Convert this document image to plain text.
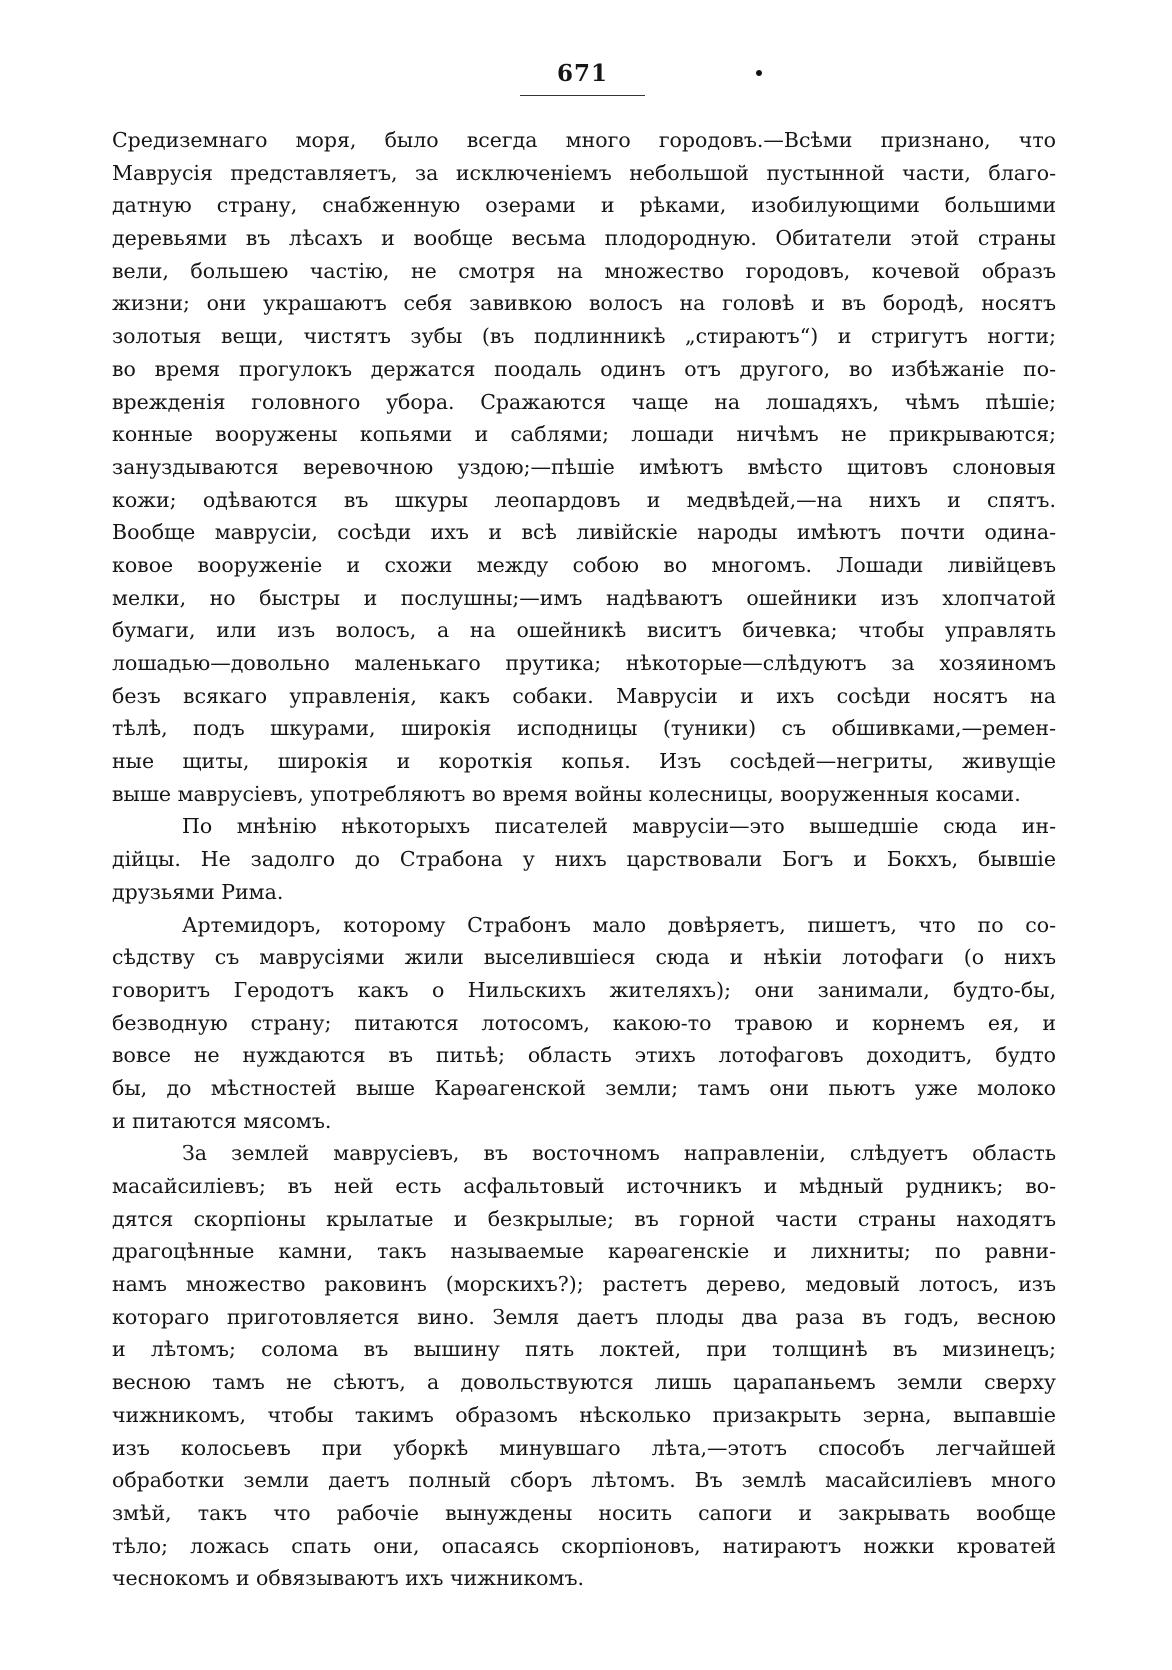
671
Средиземнаго моря, было всегда много городовъ.—Всѣми признано, что
Маврусія представляетъ, за исключеніемъ небольшой пустынной части, благо-
датную страну, снабженную озерами и рѣками, изобилующими большими
деревьями въ лѣсахъ и вообще весьма плодородную. Обитатели этой страны
вели, большею частію, не смотря на множество городовъ, кочевой образъ
жизни; они украшаютъ себя завивкою волосъ на головѣ и въ бородѣ, носятъ
золотыя вещи, чистятъ зубы (въ подлинникѣ „стираютъ“) и стригутъ ногти;
во время прогулокъ держатся поодаль одинъ отъ другого, во избѣжаніе по-
врежденія головного убора. Сражаются чаще на лошадяхъ, чѣмъ пѣшіе;
конные вооружены копьями и саблями; лошади ничѣмъ не прикрываются;
зануздываются веревочною уздою;—пѣшіе имѣютъ вмѣсто щитовъ слоновыя
кожи; одѣваются въ шкуры леопардовъ и медвѣдей,—на нихъ и спятъ.
Вообще маврусіи, сосѣди ихъ и всѣ ливійскіе народы имѣютъ почти одина-
ковое вооруженіе и схожи между собою во многомъ. Лошади ливійцевъ
мелки, но быстры и послушны;—имъ надѣваютъ ошейники изъ хлопчатой
бумаги, или изъ волосъ, а на ошейникѣ виситъ бичевка; чтобы управлять
лошадью—довольно маленькаго прутика; нѣкоторые—слѣдуютъ за хозяиномъ
безъ всякаго управленія, какъ собаки. Маврусіи и ихъ сосѣди носятъ на
тѣлѣ, подъ шкурами, широкія исподницы (туники) съ обшивками,—ремен-
ные щиты, широкія и короткія копья. Изъ сосѣдей—негриты, живущіе
выше маврусіевъ, употребляютъ во время войны колесницы, вооруженныя косами.
По мнѣнію нѣкоторыхъ писателей маврусіи—это вышедшіе сюда ин-
дійцы. Не задолго до Страбона у нихъ царствовали Богъ и Бокхъ, бывшіе
друзьями Рима.
Артемидоръ, которому Страбонъ мало довѣряетъ, пишетъ, что по со-
сѣдству съ маврусіями жили выселившіеся сюда и нѣкіи лотофаги (о нихъ
говоритъ Геродотъ какъ о Нильскихъ жителяхъ); они занимали, будто-бы,
безводную страну; питаются лотосомъ, какою-то травою и корнемъ ея, и
вовсе не нуждаются въ питьѣ; область этихъ лотофаговъ доходитъ, будто
бы, до мѣстностей выше Карѳагенской земли; тамъ они пьютъ уже молоко
и питаются мясомъ.
За землей маврусіевъ, въ восточномъ направленіи, слѣдуетъ область
масайсиліевъ; въ ней есть асфальтовый источникъ и мѣдный рудникъ; во-
дятся скорпіоны крылатые и безкрылые; въ горной части страны находятъ
драгоцѣнные камни, такъ называемые карѳагенскіе и лихниты; по равни-
намъ множество раковинъ (морскихъ?); растетъ дерево, медовый лотосъ, изъ
котораго приготовляется вино. Земля даетъ плоды два раза въ годъ, весною
и лѣтомъ; солома въ вышину пять локтей, при толщинѣ въ мизинецъ;
весною тамъ не сѣютъ, а довольствуются лишь царапаньемъ земли сверху
чижникомъ, чтобы такимъ образомъ нѣсколько призакрыть зерна, выпавшіе
изъ колосьевъ при уборкѣ минувшаго лѣта,—этотъ способъ легчайшей
обработки земли даетъ полный сборъ лѣтомъ. Въ землѣ масайсиліевъ много
змѣй, такъ что рабочіе вынуждены носить сапоги и закрывать вообще
тѣло; ложась спать они, опасаясь скорпіоновъ, натираютъ ножки кроватей
чеснокомъ и обвязываютъ ихъ чижникомъ.
